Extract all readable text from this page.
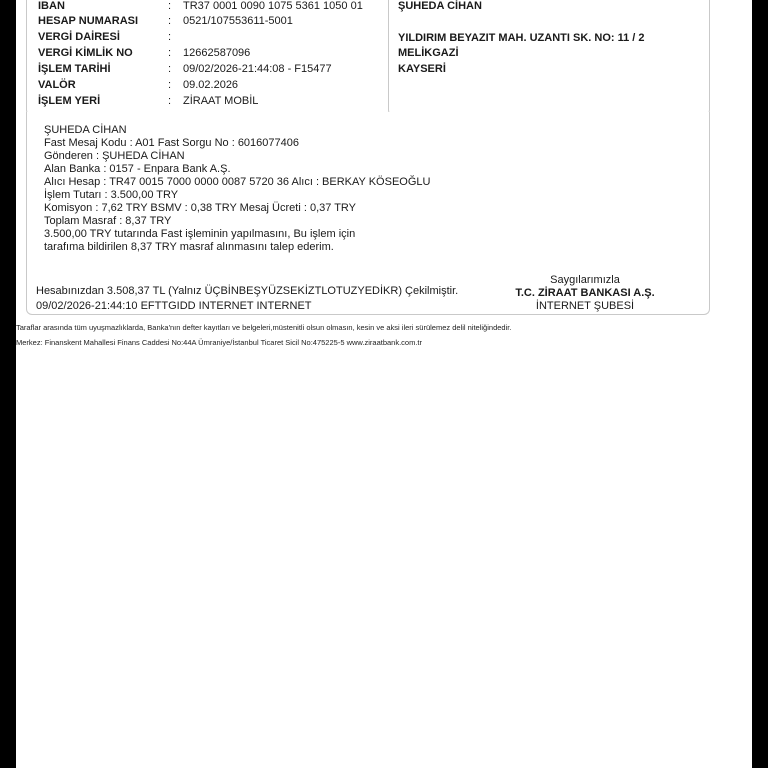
IBAN	: TR37 0001 0090 1075 5361 1050 01
HESAP NUMARASI	: 0521/107553611-5001
VERGİ DAİRESİ	:
VERGİ KİMLİK NO	: 12662587096
İŞLEM TARİHİ	: 09/02/2026-21:44:08 - F15477
VALÖR	: 09.02.2026
İŞLEM YERİ	: ZİRAAT MOBİL
ŞUHEDA CİHAN
YILDIRIM BEYAZIT MAH. UZANTI SK. NO: 11 / 2
MELİKGAZİ
KAYSERİ
ŞUHEDA CİHAN
Fast Mesaj Kodu : A01 Fast Sorgu No : 6016077406
Gönderen : ŞUHEDA CİHAN
Alan Banka : 0157 - Enpara Bank A.Ş.
Alıcı Hesap : TR47 0015 7000 0000 0087 5720 36 Alıcı : BERKAY KÖSEOĞLU
İşlem Tutarı : 3.500,00 TRY
Komisyon : 7,62 TRY BSMV : 0,38 TRY Mesaj Ücreti : 0,37 TRY
Toplam Masraf : 8,37 TRY
3.500,00 TRY tutarında Fast işleminin yapılmasını, Bu işlem için
tarafıma bildirilen 8,37 TRY masraf alınmasını talep ederim.
Hesabınızdan 3.508,37 TL (Yalnız ÜÇBİNBEŞYÜZSEKİZTLOTUZYEDİKR) Çekilmiştir.
09/02/2026-21:44:10 EFTTGIDD INTERNET INTERNET
Saygılarımızla
T.C. ZİRAAT BANKASI A.Ş.
İNTERNET ŞUBESİ
Taraflar arasında tüm uyuşmazlıklarda, Banka'nın defter kayıtları ve belgeleri,müstenitli olsun olmasın, kesin ve aksi ileri sürülemez delil niteliğindedir.
Merkez: Finanskent Mahallesi Finans Caddesi No:44A Ümraniye/İstanbul Ticaret Sicil No:475225-5 www.ziraatbank.com.tr
